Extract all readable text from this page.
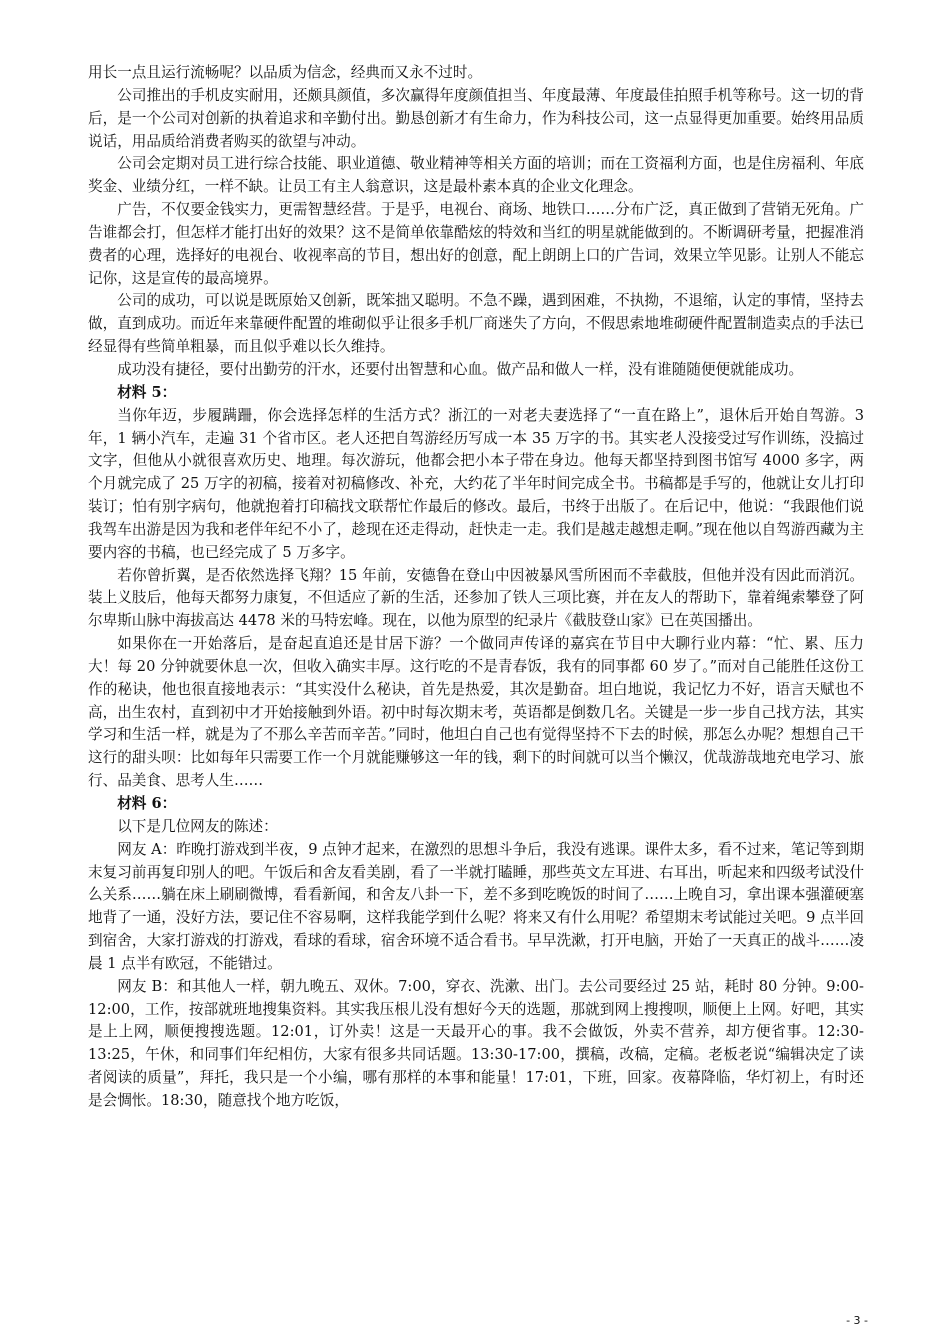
用长一点且运行流畅呢？以品质为信念，经典而又永不过时。

公司推出的手机皮实耐用，还颇具颜值，多次赢得年度颜值担当、年度最薄、年度最佳拍照手机等称号。这一切的背后，是一个公司对创新的执着追求和辛勤付出。勤恳创新才有生命力，作为科技公司，这一点显得更加重要。始终用品质说话，用品质给消费者购买的欲望与冲动。

公司会定期对员工进行综合技能、职业道德、敬业精神等相关方面的培训；而在工资福利方面，也是住房福利、年底奖金、业绩分红，一样不缺。让员工有主人翁意识，这是最朴素本真的企业文化理念。

广告，不仅要金钱实力，更需智慧经营。于是乎，电视台、商场、地铁口……分布广泛，真正做到了营销无死角。广告谁都会打，但怎样才能打出好的效果？这不是简单依靠酷炫的特效和当红的明星就能做到的。不断调研考量，把握准消费者的心理，选择好的电视台、收视率高的节目，想出好的创意，配上朗朗上口的广告词，效果立竿见影。让别人不能忘记你，这是宣传的最高境界。

公司的成功，可以说是既原始又创新，既笨拙又聪明。不急不躁，遇到困难，不执拗，不退缩，认定的事情，坚持去做，直到成功。而近年来靠硬件配置的堆砌似乎让很多手机厂商迷失了方向，不假思索地堆砌硬件配置制造卖点的手法已经显得有些简单粗暴，而且似乎难以长久维持。

成功没有捷径，要付出勤劳的汗水，还要付出智慧和心血。做产品和做人一样，没有谁随随便便就能成功。

材料 5：

当你年迈，步履蹒跚，你会选择怎样的生活方式？浙江的一对老夫妻选择了“一直在路上”，退休后开始自驾游。3 年，1 辆小汽车，走遍 31 个省市区。老人还把自驾游经历写成一本 35 万字的书。其实老人没接受过写作训练，没搞过文字，但他从小就很喜欢历史、地理。每次游玩，他都会把小本子带在身边。他每天都坚持到图书馆写 4000 多字，两个月就完成了 25 万字的初稿，接着对初稿修改、补充，大约花了半年时间完成全书。书稿都是手写的，他就让女儿打印装订；怕有别字病句，他就抱着打印稿找文联帮忙作最后的修改。最后，书终于出版了。在后记中，他说：“我跟他们说我驾车出游是因为我和老伴年纪不小了，趁现在还走得动，赶快走一走。我们是越走越想走啊。”现在他以自驾游西藏为主要内容的书稿，也已经完成了 5 万多字。

若你曾折翼，是否依然选择飞翔？15 年前，安德鲁在登山中因被暴风雪所困而不幸截肢，但他并没有因此而消沉。装上义肢后，他每天都努力康复，不但适应了新的生活，还参加了铁人三项比赛，并在友人的帮助下，靠着绳索攀登了阿尔卑斯山脉中海拔高达 4478 米的马特宏峰。现在，以他为原型的纪录片《截肢登山家》已在英国播出。

如果你在一开始落后，是奋起直追还是甘居下游？一个做同声传译的嘉宾在节目中大聊行业内幕：“忙、累、压力大！每 20 分钟就要休息一次，但收入确实丰厚。这行吃的不是青春饭，我有的同事都 60 岁了。”而对自己能胜任这份工作的秘诀，他也很直接地表示：“其实没什么秘诀，首先是热爱，其次是勤奋。坦白地说，我记忆力不好，语言天赋也不高，出生农村，直到初中才开始接触到外语。初中时每次期末考，英语都是倒数几名。关键是一步一步自己找方法，其实学习和生活一样，就是为了不那么辛苦而辛苦。”同时，他坦白自己也有觉得坚持不下去的时候，那怎么办呢？想想自己干这行的甜头呗：比如每年只需要工作一个月就能赚够这一年的钱，剩下的时间就可以当个懒汉，优哉游哉地充电学习、旅行、品美食、思考人生……

材料 6：

以下是几位网友的陈述：

网友 A：昨晚打游戏到半夜，9 点钟才起来，在激烈的思想斗争后，我没有逃课。课件太多，看不过来，笔记等到期末复习前再复印别人的吧。午饭后和舍友看美剧，看了一半就打瞌睡，那些英文左耳进、右耳出，听起来和四级考试没什么关系……躺在床上刷刷微博，看看新闻，和舍友八卦一下，差不多到吃晚饭的时间了……上晚自习，拿出课本强灌硬塞地背了一通，没好方法，要记住不容易啊，这样我能学到什么呢？将来又有什么用呢？希望期末考试能过关吧。9 点半回到宿舍，大家打游戏的打游戏，看球的看球，宿舍环境不适合看书。早早洗漱，打开电脑，开始了一天真正的战斗……凌晨 1 点半有欧冠，不能错过。

网友 B：和其他人一样，朝九晚五、双休。7:00，穿衣、洗漱、出门。去公司要经过 25 站，耗时 80 分钟。9:00-12:00，工作，按部就班地搜集资料。其实我压根儿没有想好今天的选题，那就到网上搜搜呗，顺便上上网。好吧，其实是上上网，顺便搜搜选题。12:01，订外卖！这是一天最开心的事。我不会做饭，外卖不营养，却方便省事。12:30-13:25，午休，和同事们年纪相仿，大家有很多共同话题。13:30-17:00，撰稿，改稿，定稿。老板老说“编辑决定了读者阅读的质量”，拜托，我只是一个小编，哪有那样的本事和能量！17:01，下班，回家。夜幕降临，华灯初上，有时还是会惆怅。18:30，随意找个地方吃饭，

- 3 -
